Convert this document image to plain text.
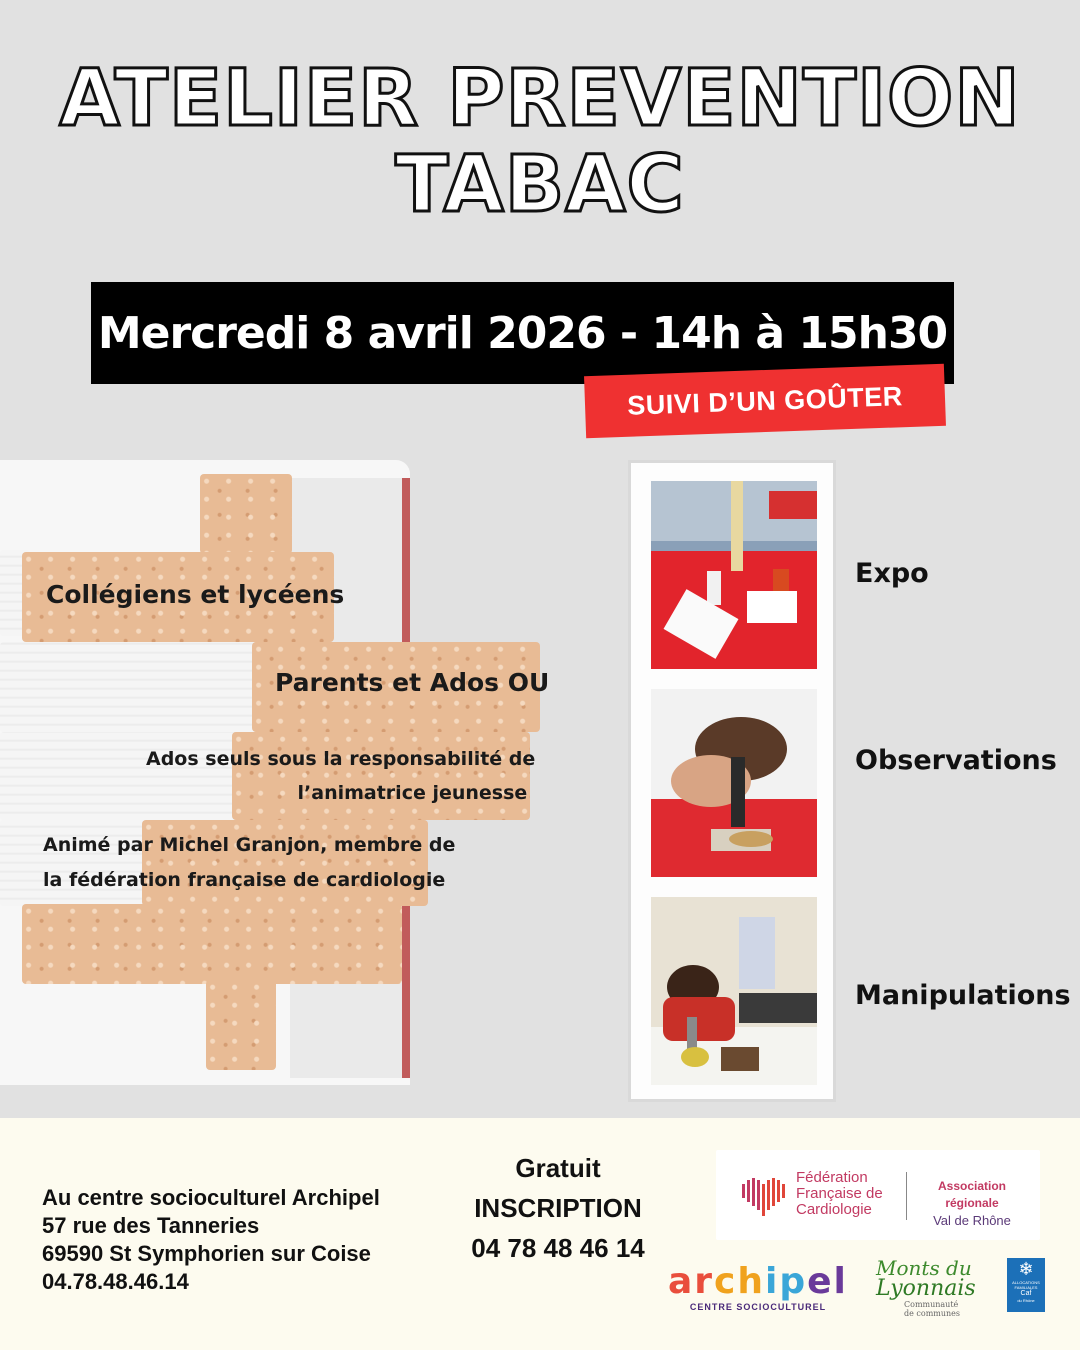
ATELIER PREVENTION
TABAC
Mercredi 8 avril 2026 - 14h à 15h30
SUIVI D’UN GOÛTER
Collégiens et lycéens
Parents et Ados OU
Ados seuls sous la responsabilité de
l’animatrice jeunesse
Animé par Michel Granjon, membre de
la fédération française de cardiologie
Expo
Observations
Manipulations
Au centre socioculturel Archipel
57 rue des Tanneries
69590 St Symphorien sur Coise
04.78.48.46.14
Gratuit
INSCRIPTION
04 78 48 46 14
Fédération
Française de
Cardiologie
Association régionale
Val de Rhône
archipel
CENTRE SOCIOCULTUREL
Monts du
Lyonnais
Communauté
de communes
❄
ALLOCATIONS FAMILIALES
Caf
du Rhône
